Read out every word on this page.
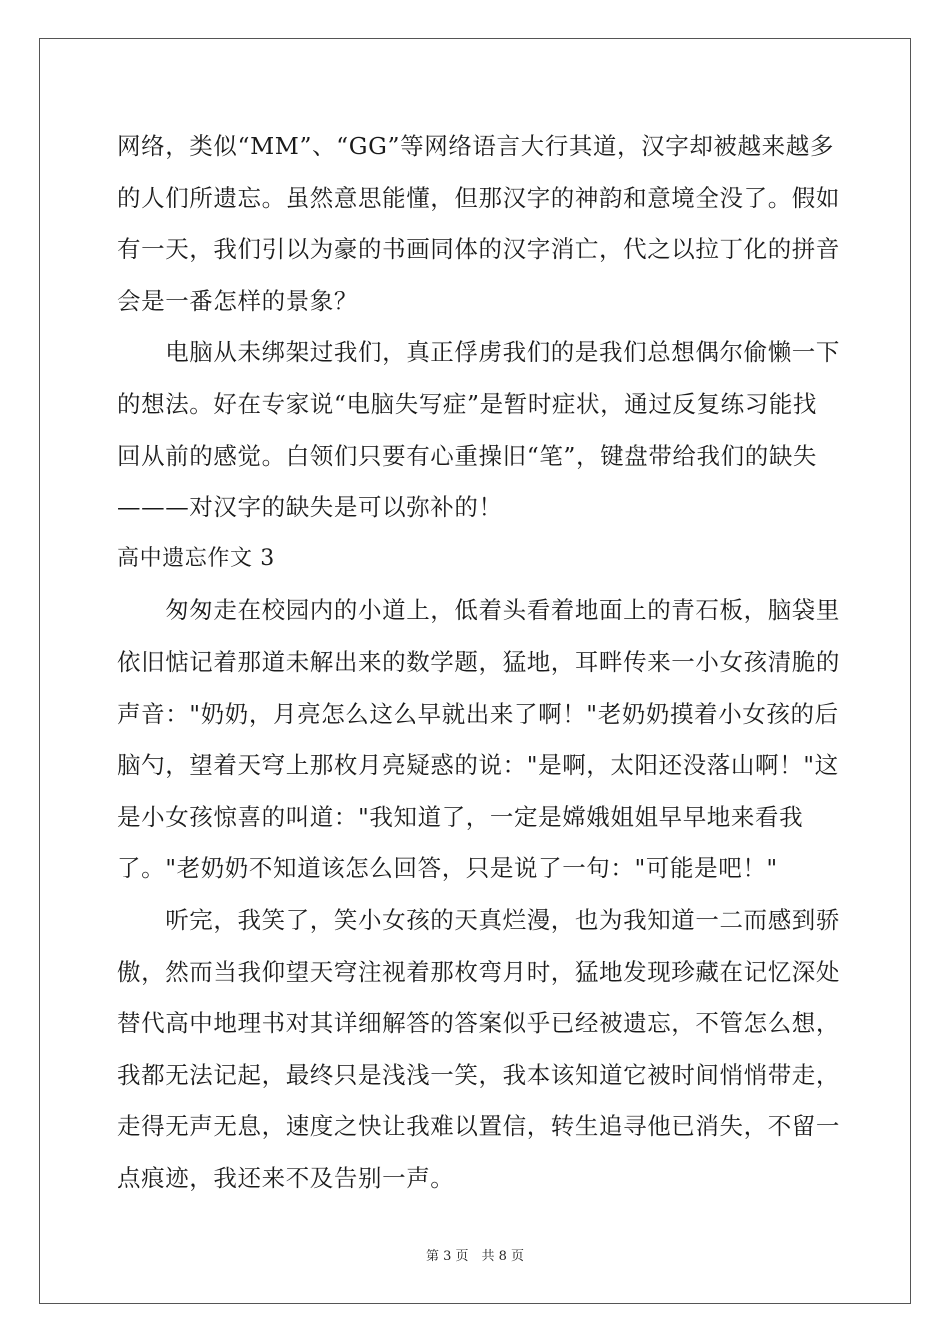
网络，类似“MM”、“GG”等网络语言大行其道，汉字却被越来越多
的人们所遗忘。虽然意思能懂，但那汉字的神韵和意境全没了。假如
有一天，我们引以为豪的书画同体的汉字消亡，代之以拉丁化的拼音
会是一番怎样的景象？
　　电脑从未绑架过我们，真正俘虏我们的是我们总想偶尔偷懒一下
的想法。好在专家说“电脑失写症”是暂时症状，通过反复练习能找
回从前的感觉。白领们只要有心重操旧“笔”，键盘带给我们的缺失
———对汉字的缺失是可以弥补的！
高中遗忘作文 3
　　匆匆走在校园内的小道上，低着头看着地面上的青石板，脑袋里
依旧惦记着那道未解出来的数学题，猛地，耳畔传来一小女孩清脆的
声音："奶奶，月亮怎么这么早就出来了啊！"老奶奶摸着小女孩的后
脑勺，望着天穹上那枚月亮疑惑的说："是啊，太阳还没落山啊！"这
是小女孩惊喜的叫道："我知道了，一定是嫦娥姐姐早早地来看我
了。"老奶奶不知道该怎么回答，只是说了一句："可能是吧！"
　　听完，我笑了，笑小女孩的天真烂漫，也为我知道一二而感到骄
傲，然而当我仰望天穹注视着那枚弯月时，猛地发现珍藏在记忆深处
替代高中地理书对其详细解答的答案似乎已经被遗忘，不管怎么想，
我都无法记起，最终只是浅浅一笑，我本该知道它被时间悄悄带走，
走得无声无息，速度之快让我难以置信，转生追寻他已消失，不留一
点痕迹，我还来不及告别一声。
第 3 页　共 8 页
